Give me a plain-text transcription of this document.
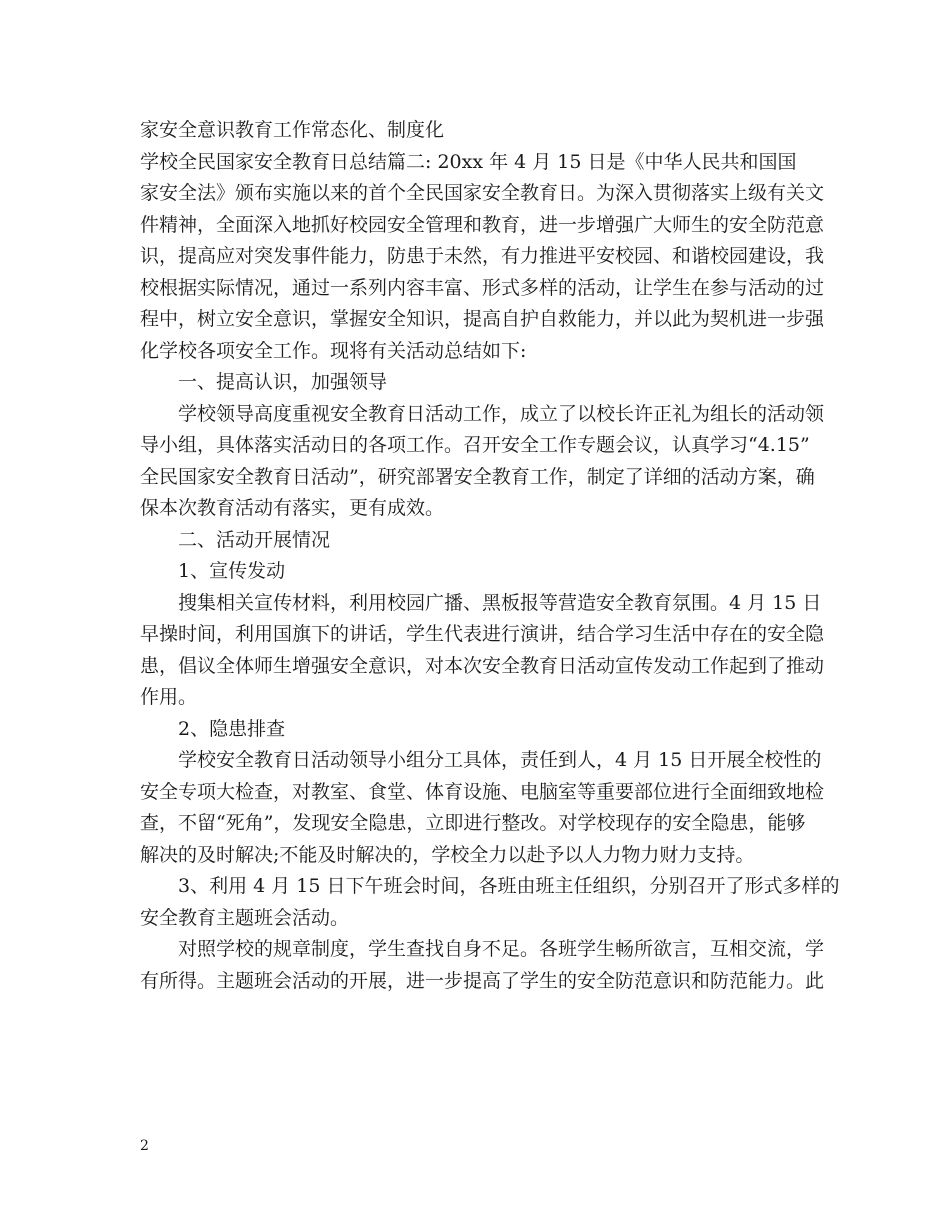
家安全意识教育工作常态化、制度化
学校全民国家安全教育日总结篇二: 20xx 年 4 月 15 日是《中华人民共和国国
家安全法》颁布实施以来的首个全民国家安全教育日。为深入贯彻落实上级有关文
件精神，全面深入地抓好校园安全管理和教育，进一步增强广大师生的安全防范意
识，提高应对突发事件能力，防患于未然，有力推进平安校园、和谐校园建设，我
校根据实际情况，通过一系列内容丰富、形式多样的活动，让学生在参与活动的过
程中，树立安全意识，掌握安全知识，提高自护自救能力，并以此为契机进一步强
化学校各项安全工作。现将有关活动总结如下:
一、提高认识，加强领导
学校领导高度重视安全教育日活动工作，成立了以校长许正礼为组长的活动领
导小组，具体落实活动日的各项工作。召开安全工作专题会议，认真学习“4.15”
全民国家安全教育日活动”，研究部署安全教育工作，制定了详细的活动方案，确
保本次教育活动有落实，更有成效。
二、活动开展情况
1、宣传发动
搜集相关宣传材料，利用校园广播、黑板报等营造安全教育氛围。4 月 15 日
早操时间，利用国旗下的讲话，学生代表进行演讲，结合学习生活中存在的安全隐
患，倡议全体师生增强安全意识，对本次安全教育日活动宣传发动工作起到了推动
作用。
2、隐患排查
学校安全教育日活动领导小组分工具体，责任到人，4 月 15 日开展全校性的
安全专项大检查，对教室、食堂、体育设施、电脑室等重要部位进行全面细致地检
查，不留“死角”，发现安全隐患，立即进行整改。对学校现存的安全隐患，能够
解决的及时解决;不能及时解决的，学校全力以赴予以人力物力财力支持。
3、利用 4 月 15 日下午班会时间，各班由班主任组织，分别召开了形式多样的
安全教育主题班会活动。
对照学校的规章制度，学生查找自身不足。各班学生畅所欲言，互相交流，学
有所得。主题班会活动的开展，进一步提高了学生的安全防范意识和防范能力。此
2
